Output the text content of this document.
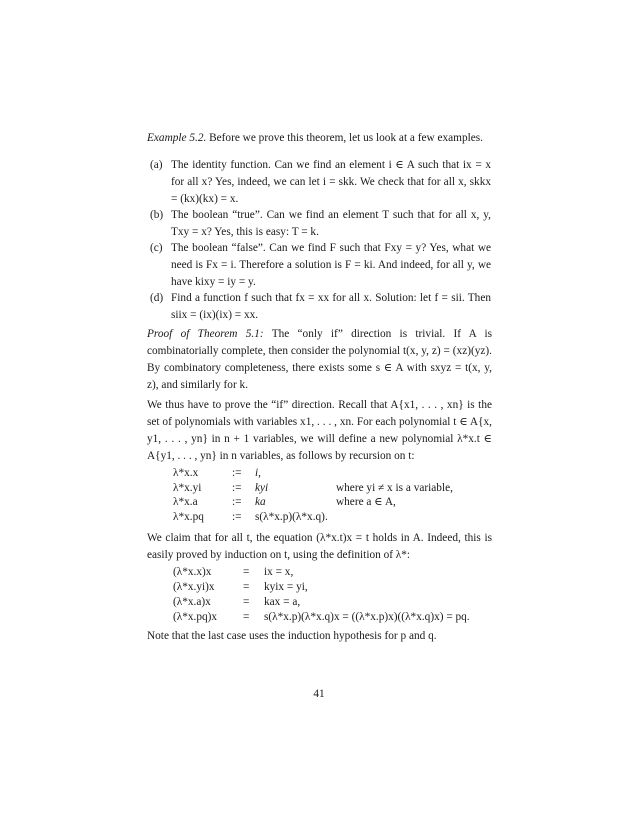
Example 5.2. Before we prove this theorem, let us look at a few examples.
(a) The identity function. Can we find an element i ∈ A such that ix = x for all x? Yes, indeed, we can let i = skk. We check that for all x, skkx = (kx)(kx) = x.
(b) The boolean “true”. Can we find an element T such that for all x, y, Txy = x? Yes, this is easy: T = k.
(c) The boolean “false”. Can we find F such that Fxy = y? Yes, what we need is Fx = i. Therefore a solution is F = ki. And indeed, for all y, we have kixy = iy = y.
(d) Find a function f such that fx = xx for all x. Solution: let f = sii. Then siix = (ix)(ix) = xx.
Proof of Theorem 5.1: The “only if” direction is trivial. If A is combinatorially complete, then consider the polynomial t(x, y, z) = (xz)(yz). By combinatory completeness, there exists some s ∈ A with sxyz = t(x, y, z), and similarly for k.
We thus have to prove the “if” direction. Recall that A{x1, . . . , xn} is the set of polynomials with variables x1, . . . , xn. For each polynomial t ∈ A{x, y1, . . . , yn} in n + 1 variables, we will define a new polynomial λ*x.t ∈ A{y1, . . . , yn} in n variables, as follows by recursion on t:
λ*x.x	:= i,
λ*x.yi	:= kyi	where yi ≠ x is a variable,
λ*x.a	:= ka	where a ∈ A,
λ*x.pq := s(λ*x.p)(λ*x.q).
We claim that for all t, the equation (λ*x.t)x = t holds in A. Indeed, this is easily proved by induction on t, using the definition of λ*:
(λ*x.x)x	= ix = x,
(λ*x.yi)x	= kyix = yi,
(λ*x.a)x	= kax = a,
(λ*x.pq)x = s(λ*x.p)(λ*x.q)x = ((λ*x.p)x)((λ*x.q)x) = pq.
Note that the last case uses the induction hypothesis for p and q.
41
